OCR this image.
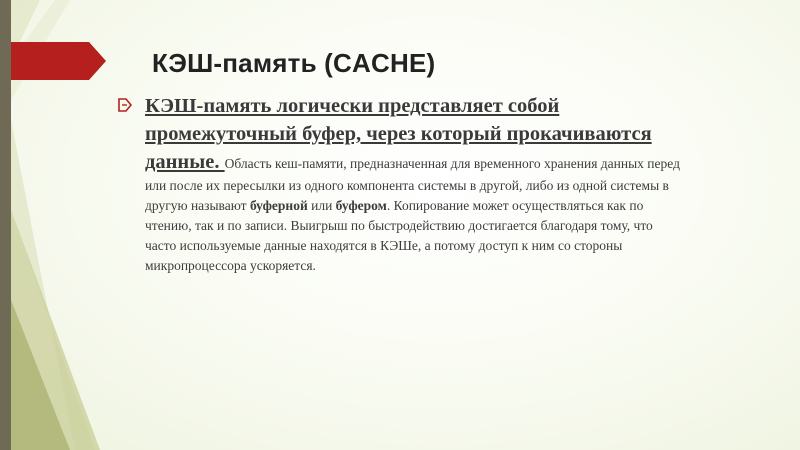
КЭШ-память (CACHE)

КЭШ-память логически представляет собой промежуточный буфер, через который прокачиваются данные. Область кеш-памяти, предназначенная для временного хранения данных перед или после их пересылки из одного компонента системы в другой, либо из одной системы в другую называют буферной или буфером. Копирование может осуществляться как по чтению, так и по записи. Выигрыш по быстродействию достигается благодаря тому, что часто используемые данные находятся в КЭШе, а потому доступ к ним со стороны микропроцессора ускоряется.
